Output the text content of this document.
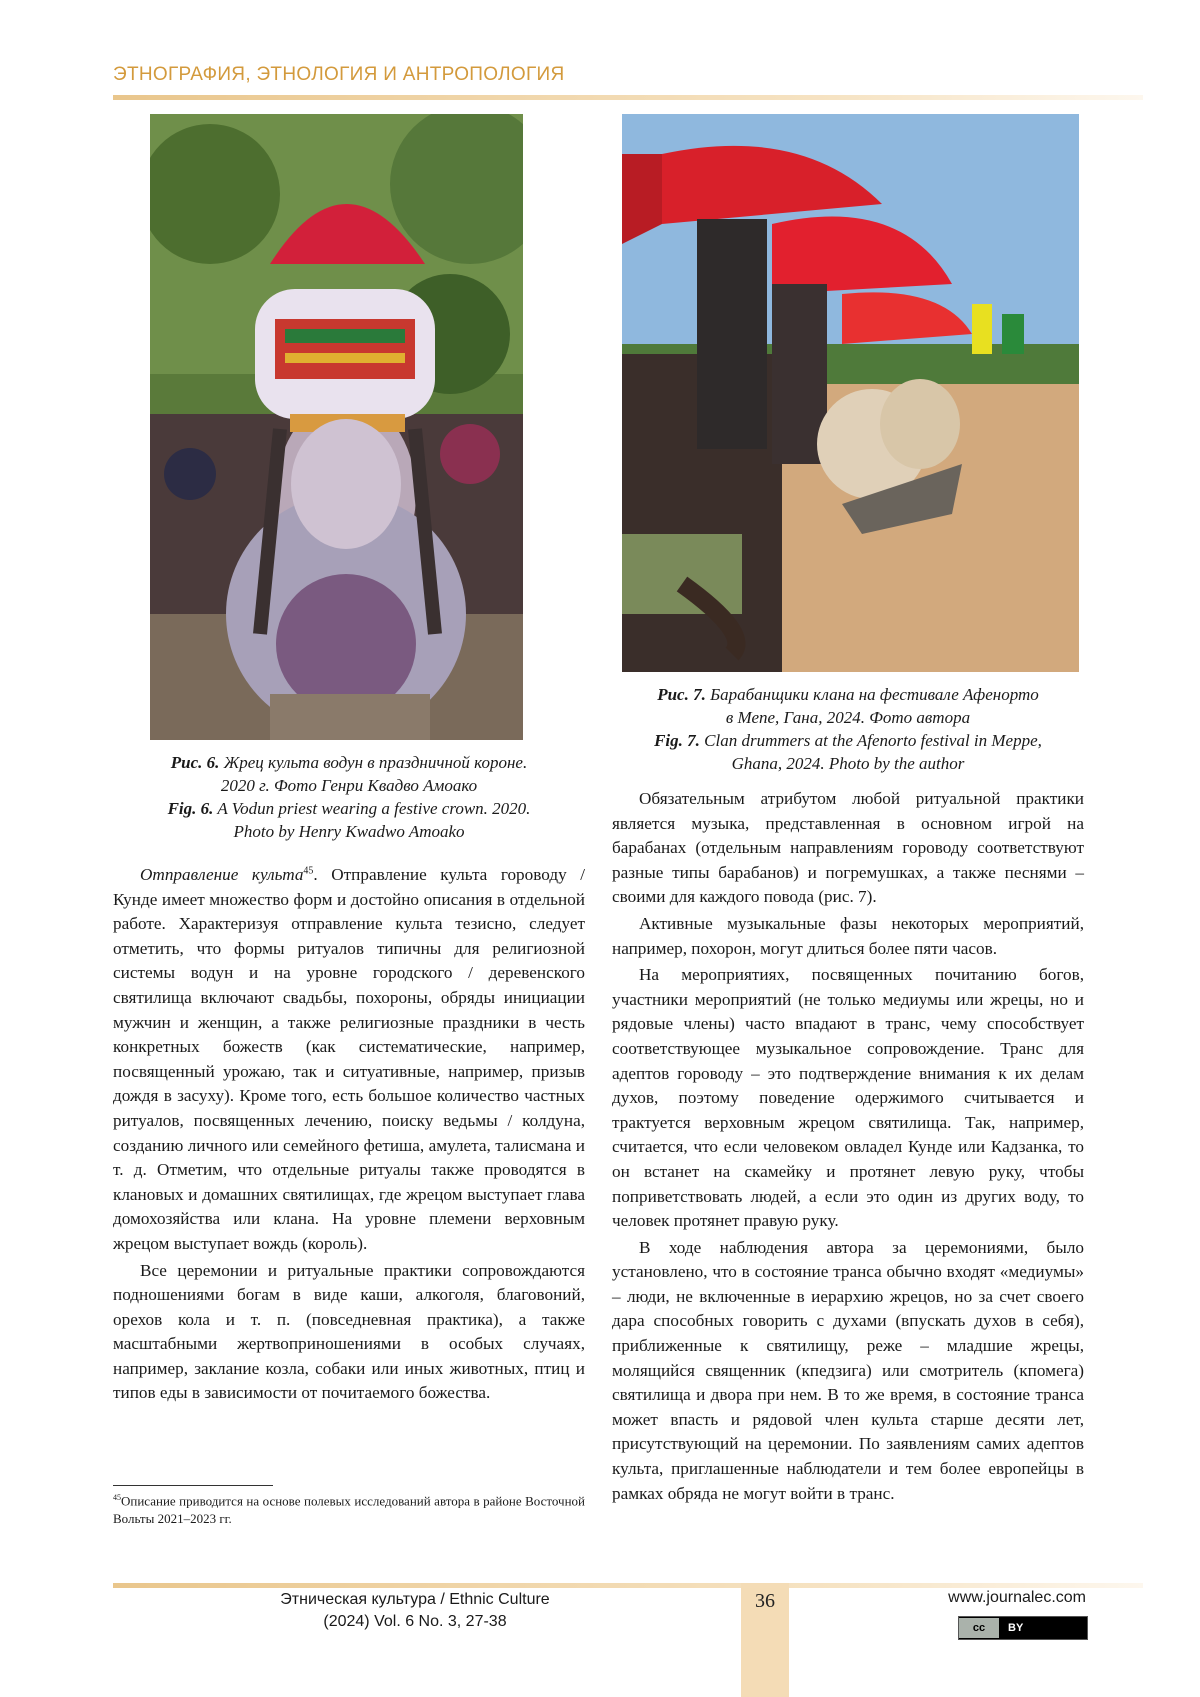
ЭТНОГРАФИЯ, ЭТНОЛОГИЯ И АНТРОПОЛОГИЯ
Рис. 6. Жрец культа водун в праздничной короне.
2020 г. Фото Генри Квадво Амоако
Fig. 6. A Vodun priest wearing a festive crown. 2020.
Photo by Henry Kwadwo Amoako

Отправление культа$^{45}$. Отправление культа гороводу / Кунде имеет множество форм и достойно описания в отдельной работе. Характеризуя отправление культа тезисно, следует отметить, что формы ритуалов типичны для религиозной системы водун и на уровне городского / деревенского святилища включают свадьбы, похороны, обряды инициации мужчин и женщин, а также религиозные праздники в честь конкретных божеств (как систематические, например, посвященный урожаю, так и ситуативные, например, призыв дождя в засуху). Кроме того, есть большое количество частных ритуалов, посвященных лечению, поиску ведьмы / колдуна, созданию личного или семейного фетиша, амулета, талисмана и т. д. Отметим, что отдельные ритуалы также проводятся в клановых и домашних святилищах, где жрецом выступает глава домохозяйства или клана. На уровне племени верховным жрецом выступает вождь (король).

Все церемонии и ритуальные практики сопровождаются подношениями богам в виде каши, алкоголя, благовоний, орехов кола и т. п. (повседневная практика), а также масштабными жертвоприношениями в особых случаях, например, заклание козла, собаки или иных животных, птиц и типов еды в зависимости от почитаемого божества.

$^{45}$Описание приводится на основе полевых исследований автора в районе Восточной Вольты 2021–2023 гг.
Рис. 7. Барабанщики клана на фестивале Афенорто
в Мепе, Гана, 2024. Фото автора
Fig. 7. Clan drummers at the Afenorto festival in Meppe,
Ghana, 2024. Photo by the author

Обязательным атрибутом любой ритуальной практики является музыка, представленная в основном игрой на барабанах (отдельным направлениям гороводу соответствуют разные типы барабанов) и погремушках, а также песнями – своими для каждого повода (рис. 7).

Активные музыкальные фазы некоторых мероприятий, например, похорон, могут длиться более пяти часов.

На мероприятиях, посвященных почитанию богов, участники мероприятий (не только медиумы или жрецы, но и рядовые члены) часто впадают в транс, чему способствует соответствующее музыкальное сопровождение. Транс для адептов гороводу – это подтверждение внимания к их делам духов, поэтому поведение одержимого считывается и трактуется верховным жрецом святилища. Так, например, считается, что если человеком овладел Кунде или Кадзанка, то он встанет на скамейку и протянет левую руку, чтобы поприветствовать людей, а если это один из других воду, то человек протянет правую руку.

В ходе наблюдения автора за церемониями, было установлено, что в состояние транса обычно входят «медиумы» – люди, не включенные в иерархию жрецов, но за счет своего дара способных говорить с духами (впускать духов в себя), приближенные к святилищу, реже – младшие жрецы, молящийся священник (кпедзига) или смотритель (кпомега) святилища и двора при нем. В то же время, в состояние транса может впасть и рядовой член культа старше десяти лет, присутствующий на церемонии. По заявлениям самих адептов культа, приглашенные наблюдатели и тем более европейцы в рамках обряда не могут войти в транс.

36
Этническая культура / Ethnic Culture
(2024) Vol. 6 No. 3, 27-38
www.journalec.com
cc	BY
